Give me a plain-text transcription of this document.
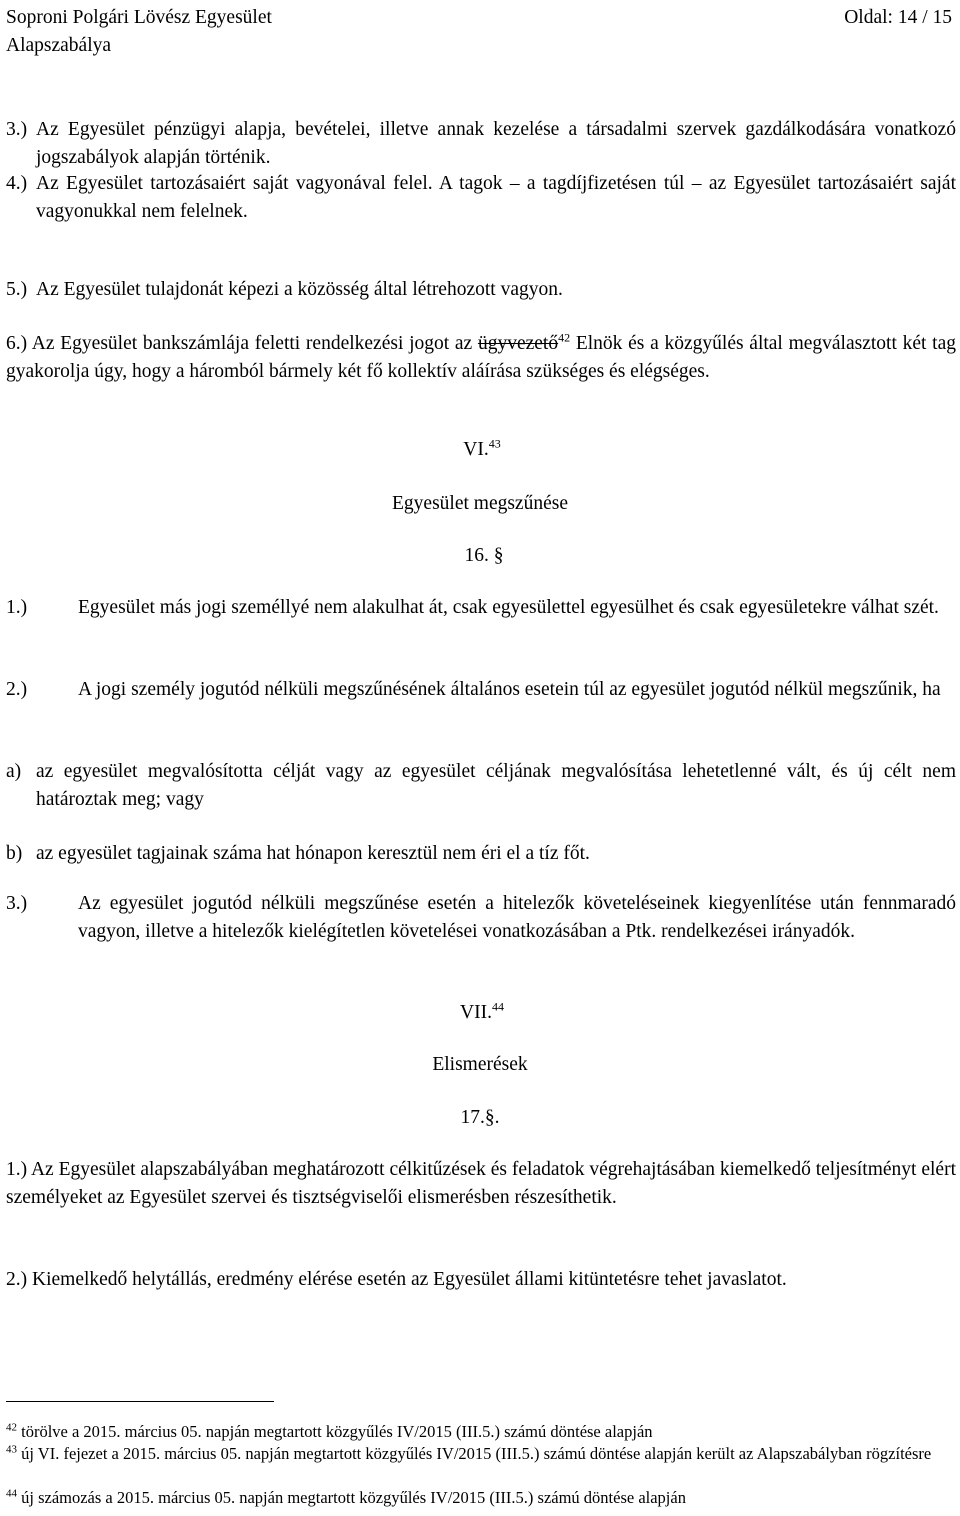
Soproni Polgári Lövész Egyesület
Alapszabálya
Oldal: 14 / 15
3.) Az Egyesület pénzügyi alapja, bevételei, illetve annak kezelése a társadalmi szervek gazdálkodására vonatkozó jogszabályok alapján történik.
4.) Az Egyesület tartozásaiért saját vagyonával felel. A tagok – a tagdíjfizetésen túl – az Egyesület tartozásaiért saját vagyonukkal nem felelnek.
5.) Az Egyesület tulajdonát képezi a közösség által létrehozott vagyon.
6.) Az Egyesület bankszámlája feletti rendelkezési jogot az ügyvezető$^{42}$ Elnök és a közgyűlés által megválasztott két tag gyakorolja úgy, hogy a háromból bármely két fő kollektív aláírása szükséges és elégséges.
VI.$^{43}$
Egyesület megszűnése
16. §
1.)	Egyesület más jogi személlyé nem alakulhat át, csak egyesülettel egyesülhet és csak egyesületekre válhat szét.
2.)	A jogi személy jogutód nélküli megszűnésének általános esetein túl az egyesület jogutód nélkül megszűnik, ha
a) az egyesület megvalósította célját vagy az egyesület céljának megvalósítása lehetetlenné vált, és új célt nem határoztak meg; vagy
b) az egyesület tagjainak száma hat hónapon keresztül nem éri el a tíz főt.
3.)	Az egyesület jogutód nélküli megszűnése esetén a hitelezők követeléseinek kiegyenlítése után fennmaradó vagyon, illetve a hitelezők kielégítetlen követelései vonatkozásában a Ptk. rendelkezései irányadók.
VII.$^{44}$
Elismerések
17.§.
1.) Az Egyesület alapszabályában meghatározott célkitűzések és feladatok végrehajtásában kiemelkedő teljesítményt elért személyeket az Egyesület szervei és tisztségviselői elismerésben részesíthetik.
2.) Kiemelkedő helytállás, eredmény elérése esetén az Egyesület állami kitüntetésre tehet javaslatot.
$^{42}$ törölve a 2015. március 05. napján megtartott közgyűlés IV/2015 (III.5.) számú döntése alapján
$^{43}$ új VI. fejezet a 2015. március 05. napján megtartott közgyűlés IV/2015 (III.5.) számú döntése alapján került az Alapszabályban rögzítésre
$^{44}$ új számozás a 2015. március 05. napján megtartott közgyűlés IV/2015 (III.5.) számú döntése alapján
